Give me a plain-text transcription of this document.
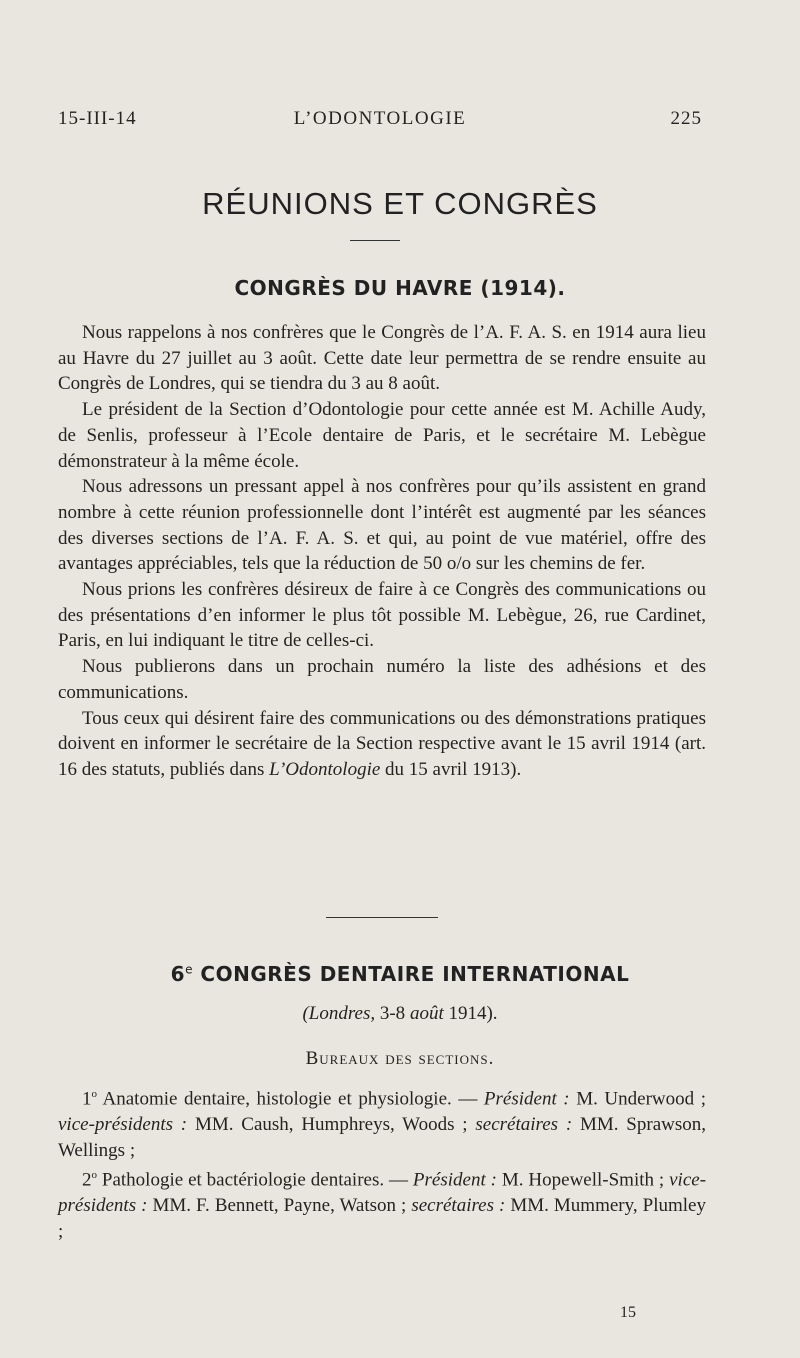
15-III-14	L’ODONTOLOGIE	225
RÉUNIONS ET CONGRÈS
CONGRÈS DU HAVRE (1914).

Nous rappelons à nos confrères que le Congrès de l’A. F. A. S. en 1914 aura lieu au Havre du 27 juillet au 3 août. Cette date leur permettra de se rendre ensuite au Congrès de Londres, qui se tiendra du 3 au 8 août.

Le président de la Section d’Odontologie pour cette année est M. Achille Audy, de Senlis, professeur à l’Ecole dentaire de Paris, et le secrétaire M. Lebègue démonstrateur à la même école.

Nous adressons un pressant appel à nos confrères pour qu’ils assistent en grand nombre à cette réunion professionnelle dont l’intérêt est augmenté par les séances des diverses sections de l’A. F. A. S. et qui, au point de vue matériel, offre des avantages appréciables, tels que la réduction de 50 o/o sur les chemins de fer.

Nous prions les confrères désireux de faire à ce Congrès des communications ou des présentations d’en informer le plus tôt possible M. Lebègue, 26, rue Cardinet, Paris, en lui indiquant le titre de celles-ci.

Nous publierons dans un prochain numéro la liste des adhésions et des communications.

Tous ceux qui désirent faire des communications ou des démonstrations pratiques doivent en informer le secrétaire de la Section respective avant le 15 avril 1914 (art. 16 des statuts, publiés dans L’Odontologie du 15 avril 1913).

6e CONGRÈS DENTAIRE INTERNATIONAL
(Londres, 3-8 août 1914).
Bureaux des sections.

1$^o$ Anatomie dentaire, histologie et physiologie. — Président : M. Underwood ; vice-présidents : MM. Caush, Humphreys, Woods ; secrétaires : MM. Sprawson, Wellings ;

2$^o$ Pathologie et bactériologie dentaires. — Président : M. Hopewell-Smith ; vice-présidents : MM. F. Bennett, Payne, Watson ; secrétaires : MM. Mummery, Plumley ;

15
